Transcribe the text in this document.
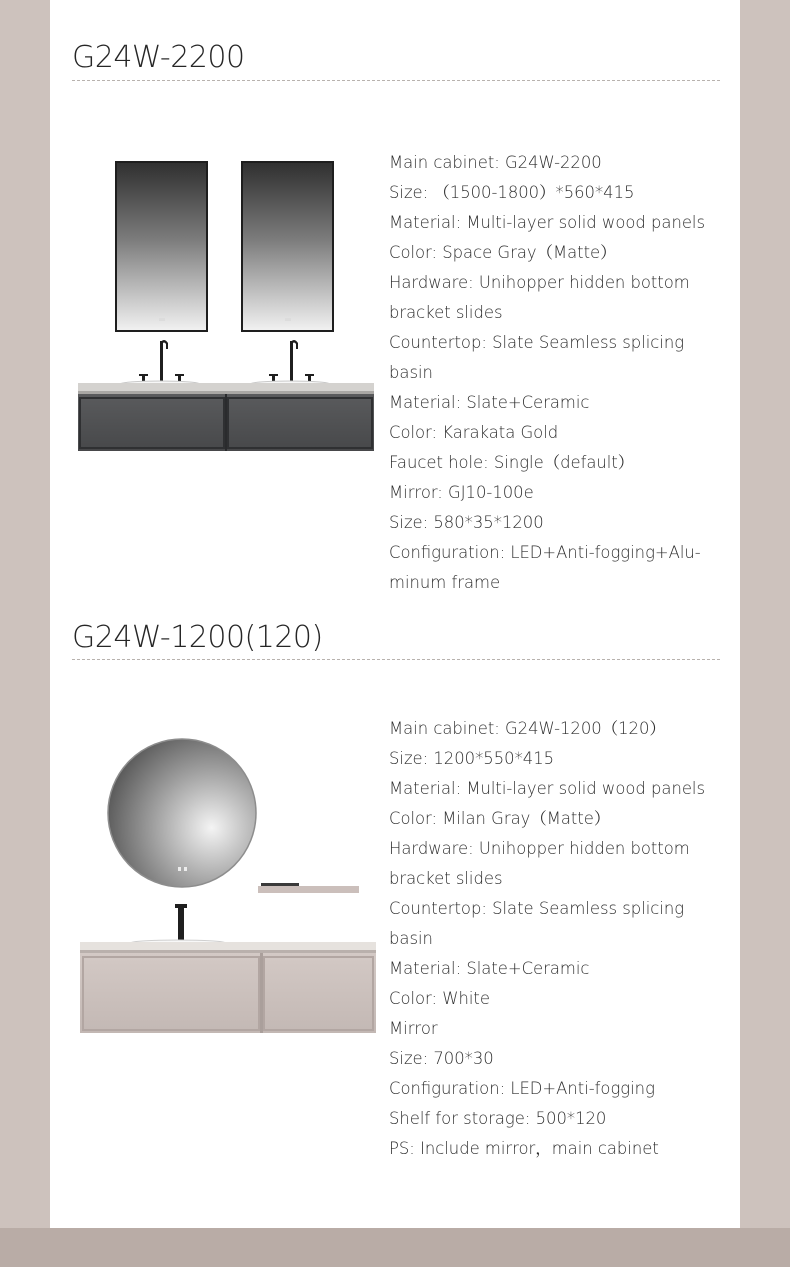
G24W-2200
Main cabinet: G24W-2200
Size: （1500-1800）*560*415
Material: Multi-layer solid wood panels
Color: Space Gray（Matte）
Hardware: Unihopper hidden bottom
bracket slides
Countertop: Slate Seamless splicing
basin
Material: Slate+Ceramic
Color: Karakata Gold
Faucet hole: Single（default）
Mirror: GJ10-100e
Size: 580*35*1200
Configuration: LED+Anti-fogging+Alu-
minum frame
G24W-1200(120)
Main cabinet: G24W-1200（120）
Size: 1200*550*415
Material: Multi-layer solid wood panels
Color: Milan Gray（Matte）
Hardware: Unihopper hidden bottom
bracket slides
Countertop: Slate Seamless splicing
basin
Material: Slate+Ceramic
Color: White
Mirror
Size: 700*30
Configuration: LED+Anti-fogging
Shelf for storage: 500*120
PS: Include mirror，main cabinet
